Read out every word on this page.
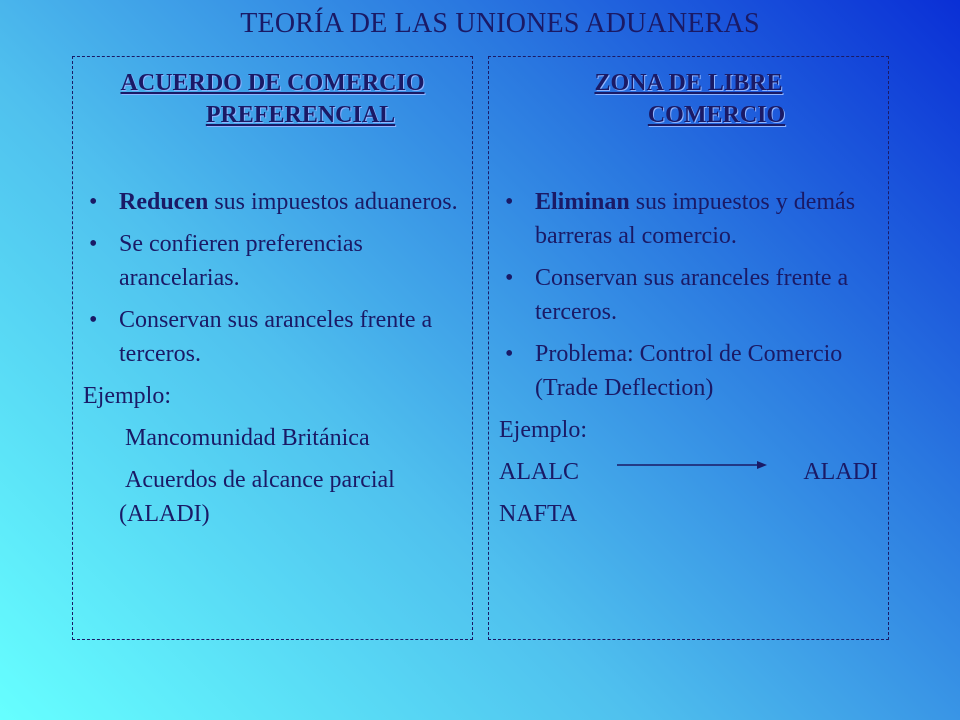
TEORÍA DE LAS UNIONES ADUANERAS
ACUERDO DE COMERCIO
PREFERENCIAL
• Reducen sus impuestos aduaneros.
• Se confieren preferencias arancelarias.
• Conservan sus aranceles frente a terceros.
Ejemplo:
Mancomunidad Británica
Acuerdos de alcance parcial (ALADI)
ZONA DE LIBRE
COMERCIO
• Eliminan sus impuestos y demás barreras al comercio.
• Conservan sus aranceles frente a terceros.
• Problema: Control de Comercio (Trade Deflection)
Ejemplo:
ALALC	ALADI
NAFTA
